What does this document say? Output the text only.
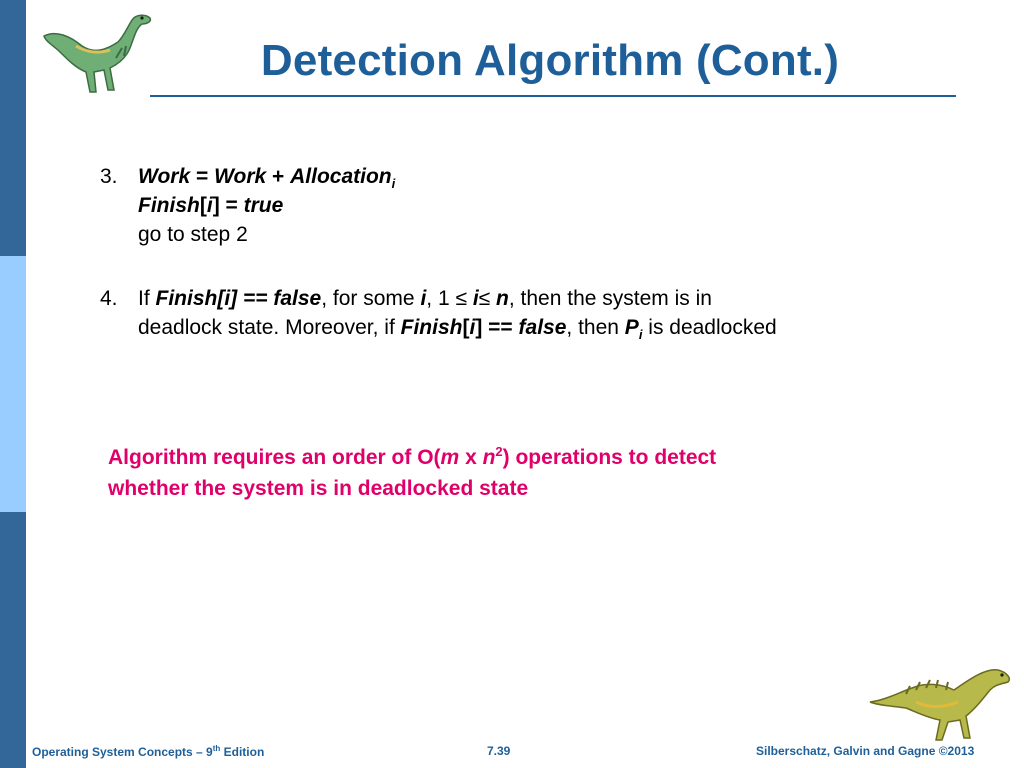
Detection Algorithm (Cont.)
3. Work = Work + Allocation$_i$
Finish[i] = true
go to step 2
4. If Finish[i] == false, for some i, 1 ≤ i≤ n, then the system is in
deadlock state. Moreover, if Finish[i] == false, then $P_i$ is deadlocked
Algorithm requires an order of O(m x $n^2$) operations to detect
whether the system is in deadlocked state
Operating System Concepts – 9th Edition	7.39	Silberschatz, Galvin and Gagne ©2013
